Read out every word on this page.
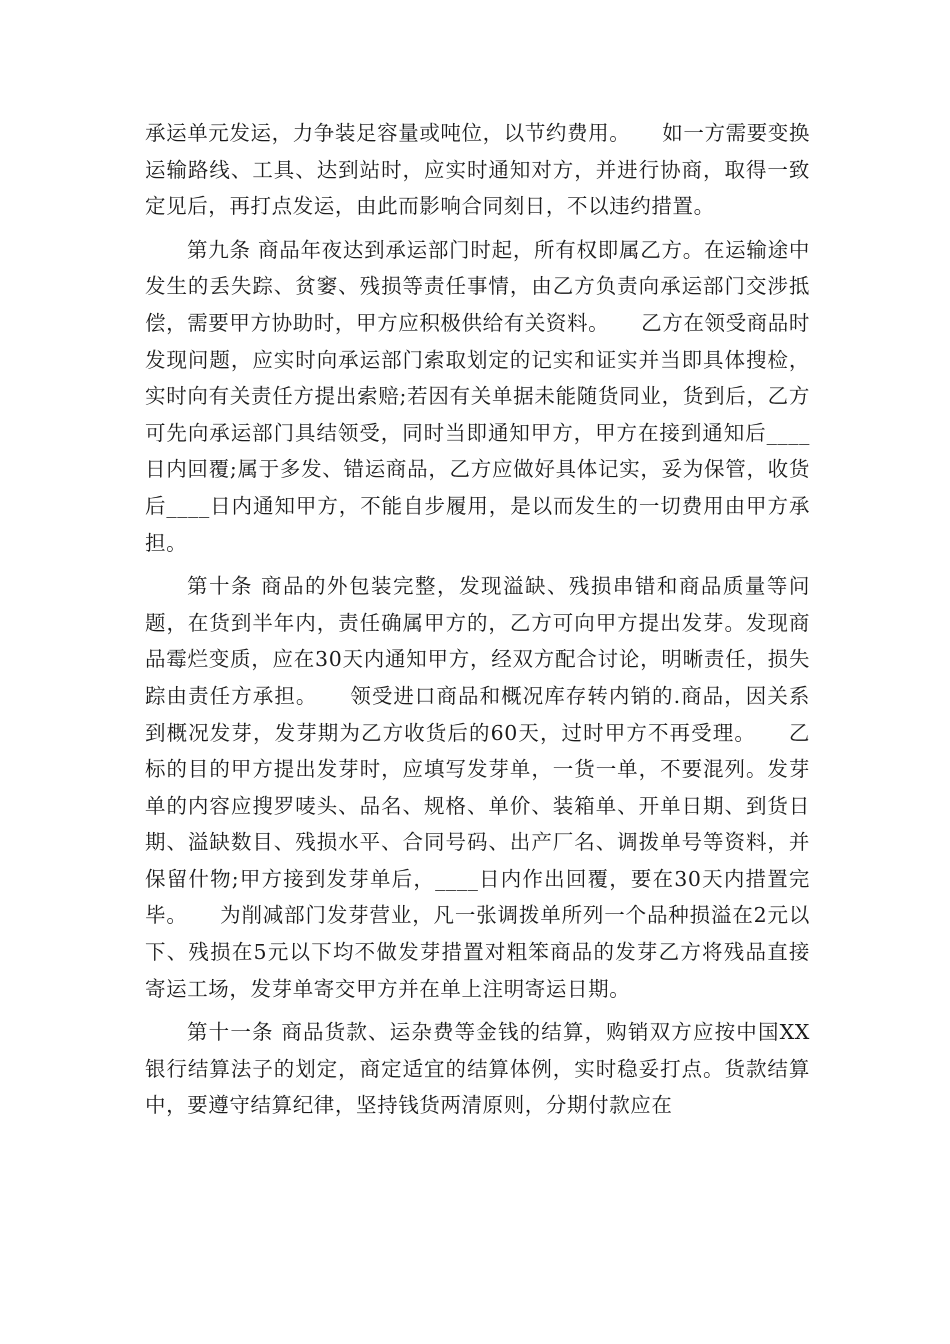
承运单元发运，力争装足容量或吨位，以节约费用。　　如一方需要变换运输路线、工具、达到站时，应实时通知对方，并进行协商，取得一致定见后，再打点发运，由此而影响合同刻日，不以违约措置。

第九条 商品年夜达到承运部门时起，所有权即属乙方。在运输途中发生的丢失踪、贫窭、残损等责任事情，由乙方负责向承运部门交涉抵偿，需要甲方协助时，甲方应积极供给有关资料。　　乙方在领受商品时发现问题，应实时向承运部门索取划定的记实和证实并当即具体搜检，实时向有关责任方提出索赔;若因有关单据未能随货同业，货到后，乙方可先向承运部门具结领受，同时当即通知甲方，甲方在接到通知后____日内回覆;属于多发、错运商品，乙方应做好具体记实，妥为保管，收货后____日内通知甲方，不能自步履用，是以而发生的一切费用由甲方承担。

第十条 商品的外包装完整，发现溢缺、残损串错和商品质量等问题，在货到半年内，责任确属甲方的，乙方可向甲方提出发芽。发现商品霉烂变质，应在30天内通知甲方，经双方配合讨论，明晰责任，损失踪由责任方承担。　　领受进口商品和概况库存转内销的.商品，因关系到概况发芽，发芽期为乙方收货后的60天，过时甲方不再受理。　　乙标的目的甲方提出发芽时，应填写发芽单，一货一单，不要混列。发芽单的内容应搜罗唛头、品名、规格、单价、装箱单、开单日期、到货日期、溢缺数目、残损水平、合同号码、出产厂名、调拨单号等资料，并保留什物;甲方接到发芽单后，____日内作出回覆，要在30天内措置完毕。　　为削减部门发芽营业，凡一张调拨单所列一个品种损溢在2元以下、残损在5元以下均不做发芽措置对粗笨商品的发芽乙方将残品直接寄运工场，发芽单寄交甲方并在单上注明寄运日期。

第十一条 商品货款、运杂费等金钱的结算，购销双方应按中国XX银行结算法子的划定，商定适宜的结算体例，实时稳妥打点。货款结算中，要遵守结算纪律，坚持钱货两清原则，分期付款应在
